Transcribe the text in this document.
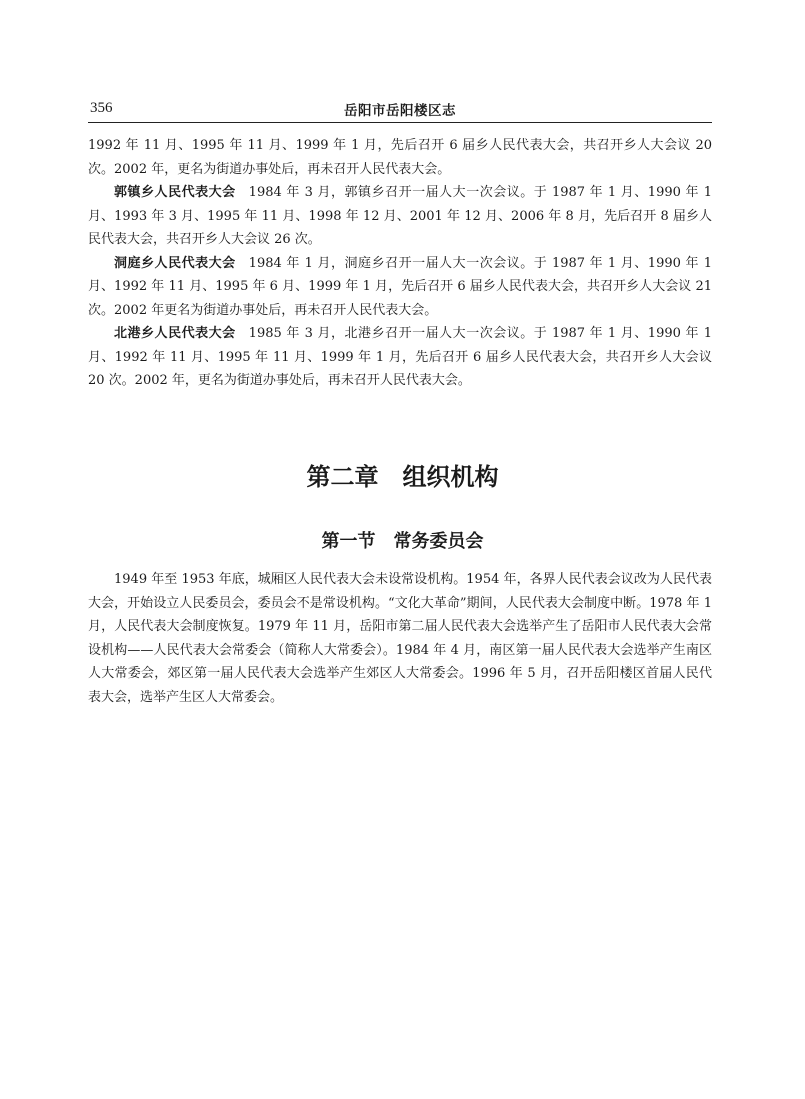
356	岳阳市岳阳楼区志

1992 年 11 月、1995 年 11 月、1999 年 1 月，先后召开 6 届乡人民代表大会，共召开乡人大会议 20 次。2002 年，更名为街道办事处后，再未召开人民代表大会。

郭镇乡人民代表大会 1984 年 3 月，郭镇乡召开一届人大一次会议。于 1987 年 1 月、1990 年 1 月、1993 年 3 月、1995 年 11 月、1998 年 12 月、2001 年 12 月、2006 年 8 月，先后召开 8 届乡人民代表大会，共召开乡人大会议 26 次。

洞庭乡人民代表大会 1984 年 1 月，洞庭乡召开一届人大一次会议。于 1987 年 1 月、1990 年 1 月、1992 年 11 月、1995 年 6 月、1999 年 1 月，先后召开 6 届乡人民代表大会，共召开乡人大会议 21 次。2002 年更名为街道办事处后，再未召开人民代表大会。

北港乡人民代表大会 1985 年 3 月，北港乡召开一届人大一次会议。于 1987 年 1 月、1990 年 1 月、1992 年 11 月、1995 年 11 月、1999 年 1 月，先后召开 6 届乡人民代表大会，共召开乡人大会议 20 次。2002 年，更名为街道办事处后，再未召开人民代表大会。

第二章　组织机构
第一节　常务委员会

1949 年至 1953 年底，城厢区人民代表大会未设常设机构。1954 年，各界人民代表会议改为人民代表大会，开始设立人民委员会，委员会不是常设机构。“文化大革命”期间，人民代表大会制度中断。1978 年 1 月，人民代表大会制度恢复。1979 年 11 月，岳阳市第二届人民代表大会选举产生了岳阳市人民代表大会常设机构——人民代表大会常委会（简称人大常委会）。1984 年 4 月，南区第一届人民代表大会选举产生南区人大常委会，郊区第一届人民代表大会选举产生郊区人大常委会。1996 年 5 月，召开岳阳楼区首届人民代表大会，选举产生区人大常委会。
